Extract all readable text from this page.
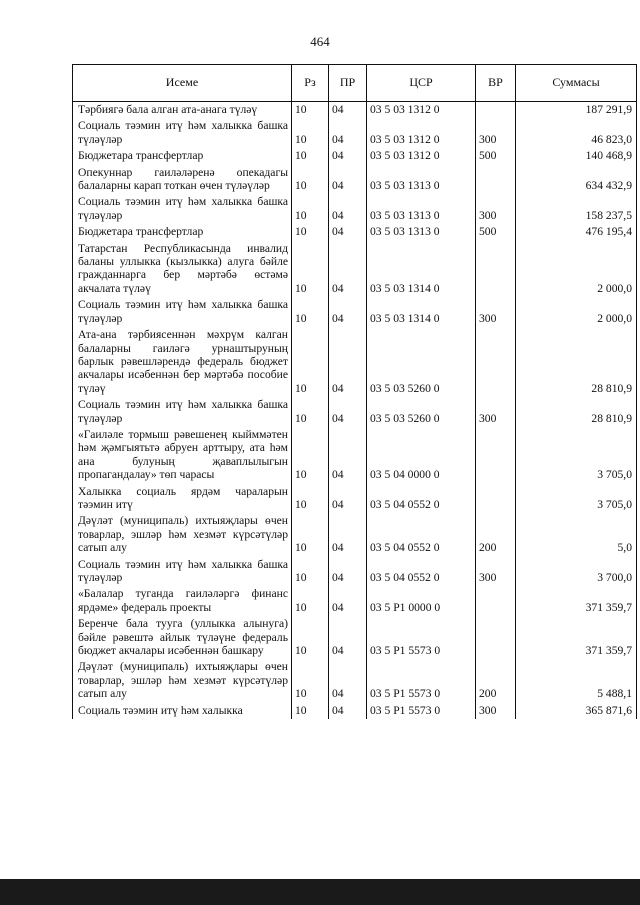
464
Исеме	Рз	ПР	ЦСР	ВР	Суммасы
Тәрбиягә бала алган ата-анага түләү	10	04	03 5 03 1312 0		187 291,9
Социаль тәэмин итү һәм халыкка башка түләүләр	10	04	03 5 03 1312 0	300	46 823,0
Бюджетара трансфертлар	10	04	03 5 03 1312 0	500	140 468,9
Опекуннар гаиләләренә опекадагы балаларны карап тоткан өчен түләүләр	10	04	03 5 03 1313 0		634 432,9
Социаль тәэмин итү һәм халыкка башка түләүләр	10	04	03 5 03 1313 0	300	158 237,5
Бюджетара трансфертлар	10	04	03 5 03 1313 0	500	476 195,4
Татарстан Республикасында инвалид баланы уллыкка (кызлыкка) алуга бәйле гражданнарга бер мәртәбә өстәмә акчалата түләү	10	04	03 5 03 1314 0		2 000,0
Социаль тәэмин итү һәм халыкка башка түләүләр	10	04	03 5 03 1314 0	300	2 000,0
Ата-ана тәрбиясеннән мәхрүм калган балаларны гаиләгә урнаштыруның барлык рәвешләрендә федераль бюджет акчалары исәбеннән бер мәртәбә пособие түләү	10	04	03 5 03 5260 0		28 810,9
Социаль тәэмин итү һәм халыкка башка түләүләр	10	04	03 5 03 5260 0	300	28 810,9
«Гаиләле тормыш рәвешенең кыйммәтен һәм җәмгыятьтә абруен арттыру, ата һәм ана булуның җаваплылыгын пропагандалау» төп чарасы	10	04	03 5 04 0000 0		3 705,0
Халыкка социаль ярдәм чараларын тәэмин итү	10	04	03 5 04 0552 0		3 705,0
Дәүләт (муниципаль) ихтыяҗлары өчен товарлар, эшләр һәм хезмәт күрсәтүләр сатып алу	10	04	03 5 04 0552 0	200	5,0
Социаль тәэмин итү һәм халыкка башка түләүләр	10	04	03 5 04 0552 0	300	3 700,0
«Балалар туганда гаиләләргә финанс ярдәме» федераль проекты	10	04	03 5 P1 0000 0		371 359,7
Беренче бала туугa (уллыкка алынуга) бәйле рәвештә айлык түләүне федераль бюджет акчалары исәбеннән башкару	10	04	03 5 P1 5573 0		371 359,7
Дәүләт (муниципаль) ихтыяҗлары өчен товарлар, эшләр һәм хезмәт күрсәтүләр сатып алу	10	04	03 5 P1 5573 0	200	5 488,1
Социаль тәэмин итү һәм халыкка	10	04	03 5 P1 5573 0	300	365 871,6
